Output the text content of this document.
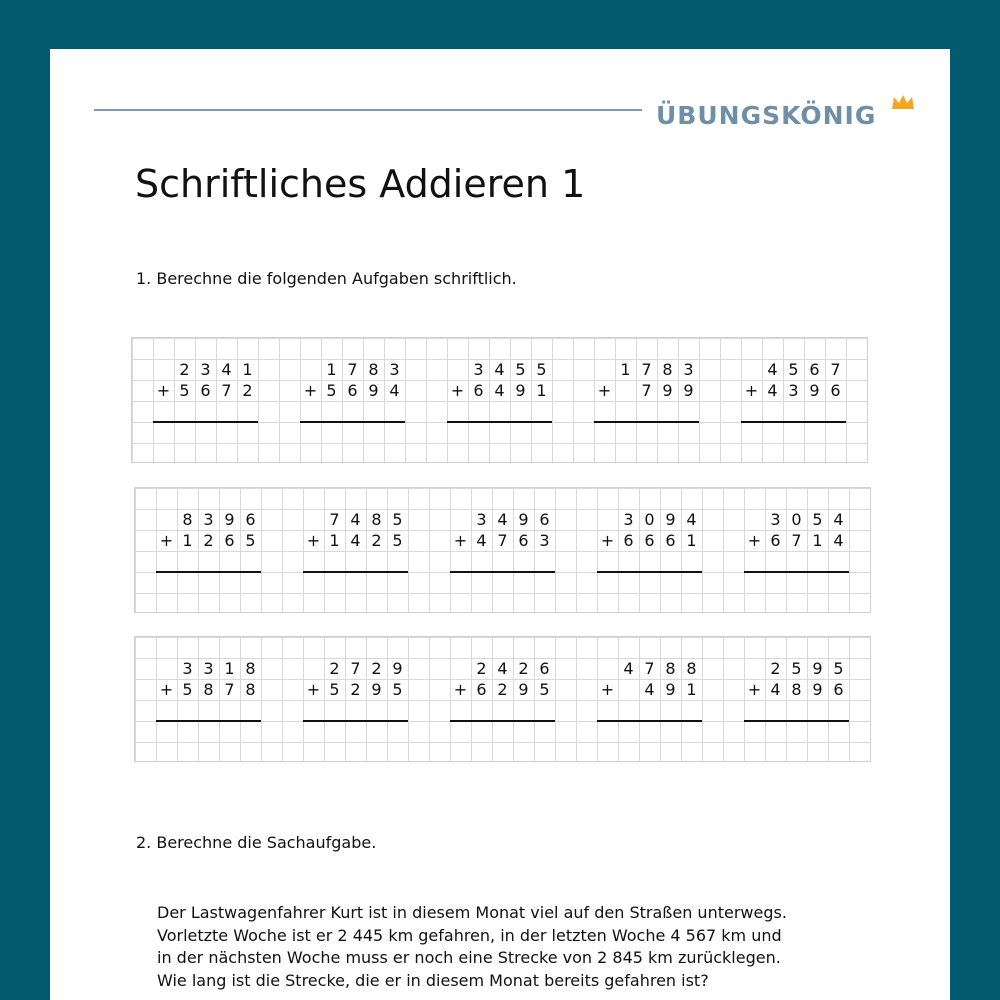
ÜBUNGSKÖNIG
Schriftliches Addieren 1
1. Berechne die folgenden Aufgaben schriftlich.
2 3 4 1
+ 5 6 7 2
1 7 8 3
+ 5 6 9 4
3 4 5 5
+ 6 4 9 1
1 7 8 3
+	7 9 9
4 5 6 7
+ 4 3 9 6
8 3 9 6
+ 1 2 6 5
7 4 8 5
+ 1 4 2 5
3 4 9 6
+ 4 7 6 3
3 0 9 4
+ 6 6 6 1
3 0 5 4
+ 6 7 1 4
3 3 1 8
+ 5 8 7 8
2 7 2 9
+ 5 2 9 5
2 4 2 6
+ 6 2 9 5
4 7 8 8
+	4 9 1
2 5 9 5
+ 4 8 9 6
2. Berechne die Sachaufgabe.
Der Lastwagenfahrer Kurt ist in diesem Monat viel auf den Straßen unterwegs.
Vorletzte Woche ist er 2 445 km gefahren, in der letzten Woche 4 567 km und
in der nächsten Woche muss er noch eine Strecke von 2 845 km zurücklegen.
Wie lang ist die Strecke, die er in diesem Monat bereits gefahren ist?
